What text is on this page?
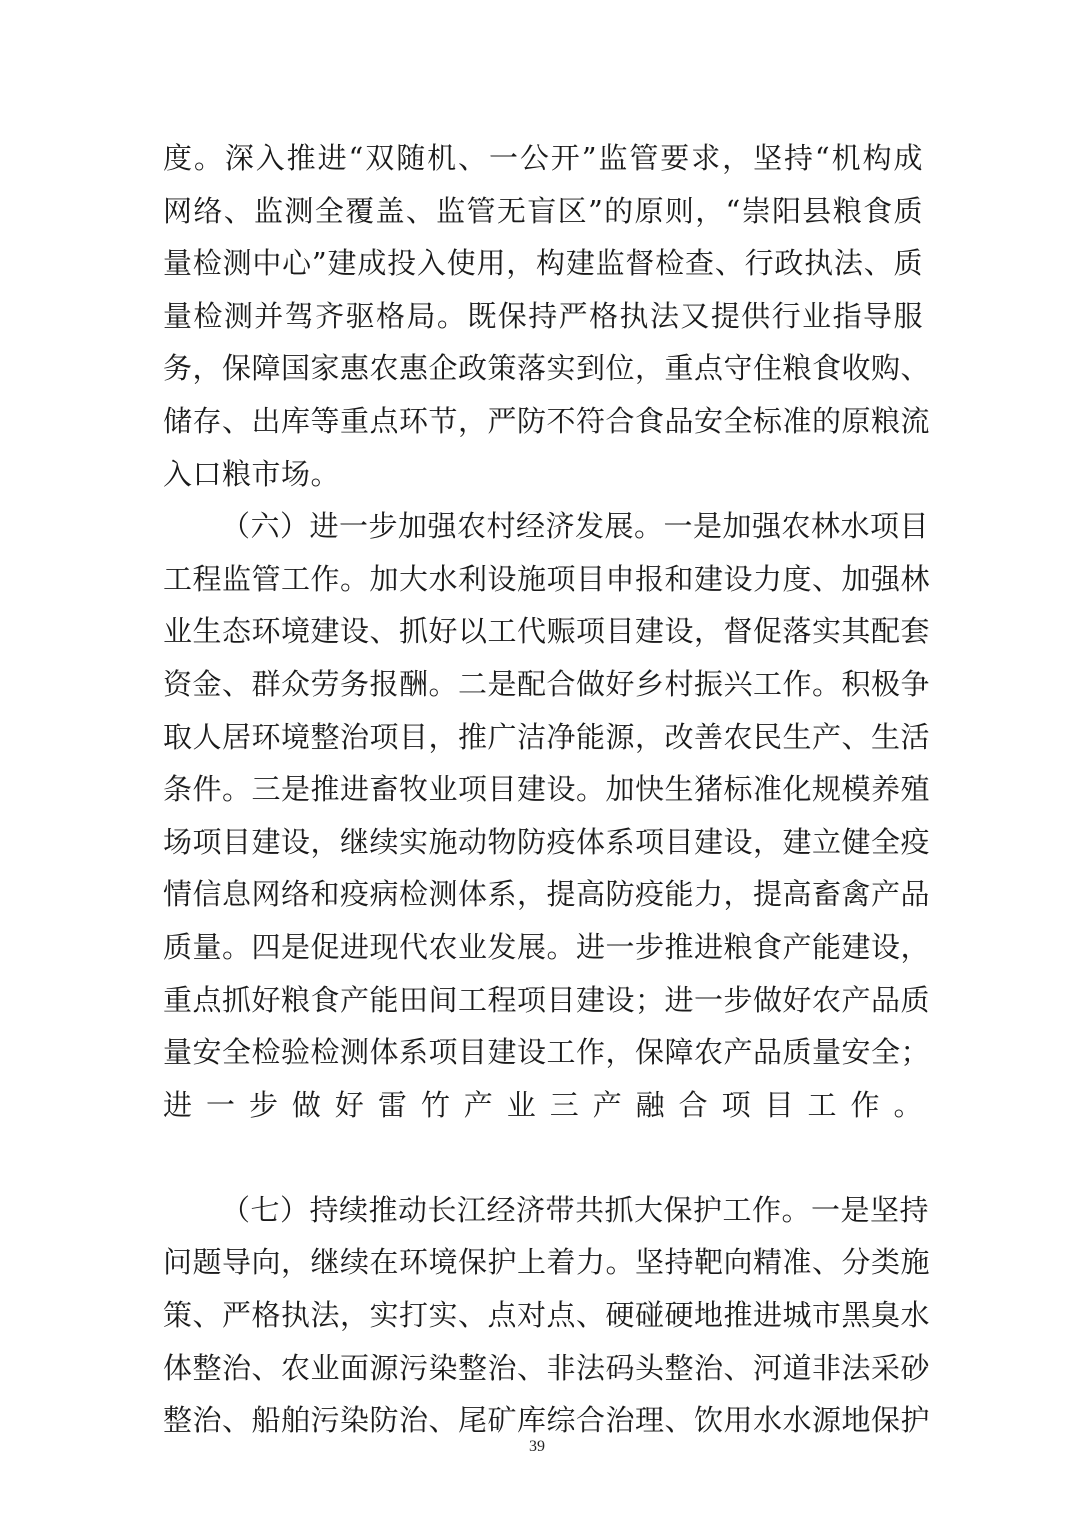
度。深入推进“双随机、一公开”监管要求，坚持“机构成
网络、监测全覆盖、监管无盲区”的原则，“崇阳县粮食质
量检测中心”建成投入使用，构建监督检查、行政执法、质
量检测并驾齐驱格局。既保持严格执法又提供行业指导服
务，保障国家惠农惠企政策落实到位，重点守住粮食收购、
储存、出库等重点环节，严防不符合食品安全标准的原粮流
入口粮市场。
（六）进一步加强农村经济发展。一是加强农林水项目
工程监管工作。加大水利设施项目申报和建设力度、加强林
业生态环境建设、抓好以工代赈项目建设，督促落实其配套
资金、群众劳务报酬。二是配合做好乡村振兴工作。积极争
取人居环境整治项目，推广洁净能源，改善农民生产、生活
条件。三是推进畜牧业项目建设。加快生猪标准化规模养殖
场项目建设，继续实施动物防疫体系项目建设，建立健全疫
情信息网络和疫病检测体系，提高防疫能力，提高畜禽产品
质量。四是促进现代农业发展。进一步推进粮食产能建设，
重点抓好粮食产能田间工程项目建设；进一步做好农产品质
量安全检验检测体系项目建设工作，保障农产品质量安全；
进一步做好雷竹产业三产融合项目工作。
（七）持续推动长江经济带共抓大保护工作。一是坚持
问题导向，继续在环境保护上着力。坚持靶向精准、分类施
策、严格执法，实打实、点对点、硬碰硬地推进城市黑臭水
体整治、农业面源污染整治、非法码头整治、河道非法采砂
整治、船舶污染防治、尾矿库综合治理、饮用水水源地保护
39
